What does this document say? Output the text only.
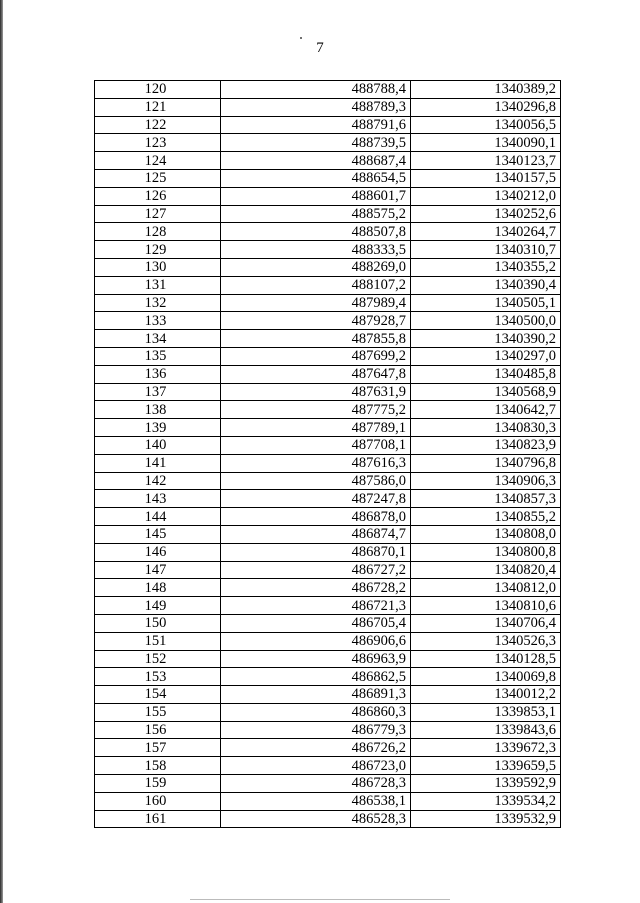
7
120	488788,4	1340389,2
121	488789,3	1340296,8
122	488791,6	1340056,5
123	488739,5	1340090,1
124	488687,4	1340123,7
125	488654,5	1340157,5
126	488601,7	1340212,0
127	488575,2	1340252,6
128	488507,8	1340264,7
129	488333,5	1340310,7
130	488269,0	1340355,2
131	488107,2	1340390,4
132	487989,4	1340505,1
133	487928,7	1340500,0
134	487855,8	1340390,2
135	487699,2	1340297,0
136	487647,8	1340485,8
137	487631,9	1340568,9
138	487775,2	1340642,7
139	487789,1	1340830,3
140	487708,1	1340823,9
141	487616,3	1340796,8
142	487586,0	1340906,3
143	487247,8	1340857,3
144	486878,0	1340855,2
145	486874,7	1340808,0
146	486870,1	1340800,8
147	486727,2	1340820,4
148	486728,2	1340812,0
149	486721,3	1340810,6
150	486705,4	1340706,4
151	486906,6	1340526,3
152	486963,9	1340128,5
153	486862,5	1340069,8
154	486891,3	1340012,2
155	486860,3	1339853,1
156	486779,3	1339843,6
157	486726,2	1339672,3
158	486723,0	1339659,5
159	486728,3	1339592,9
160	486538,1	1339534,2
161	486528,3	1339532,9
